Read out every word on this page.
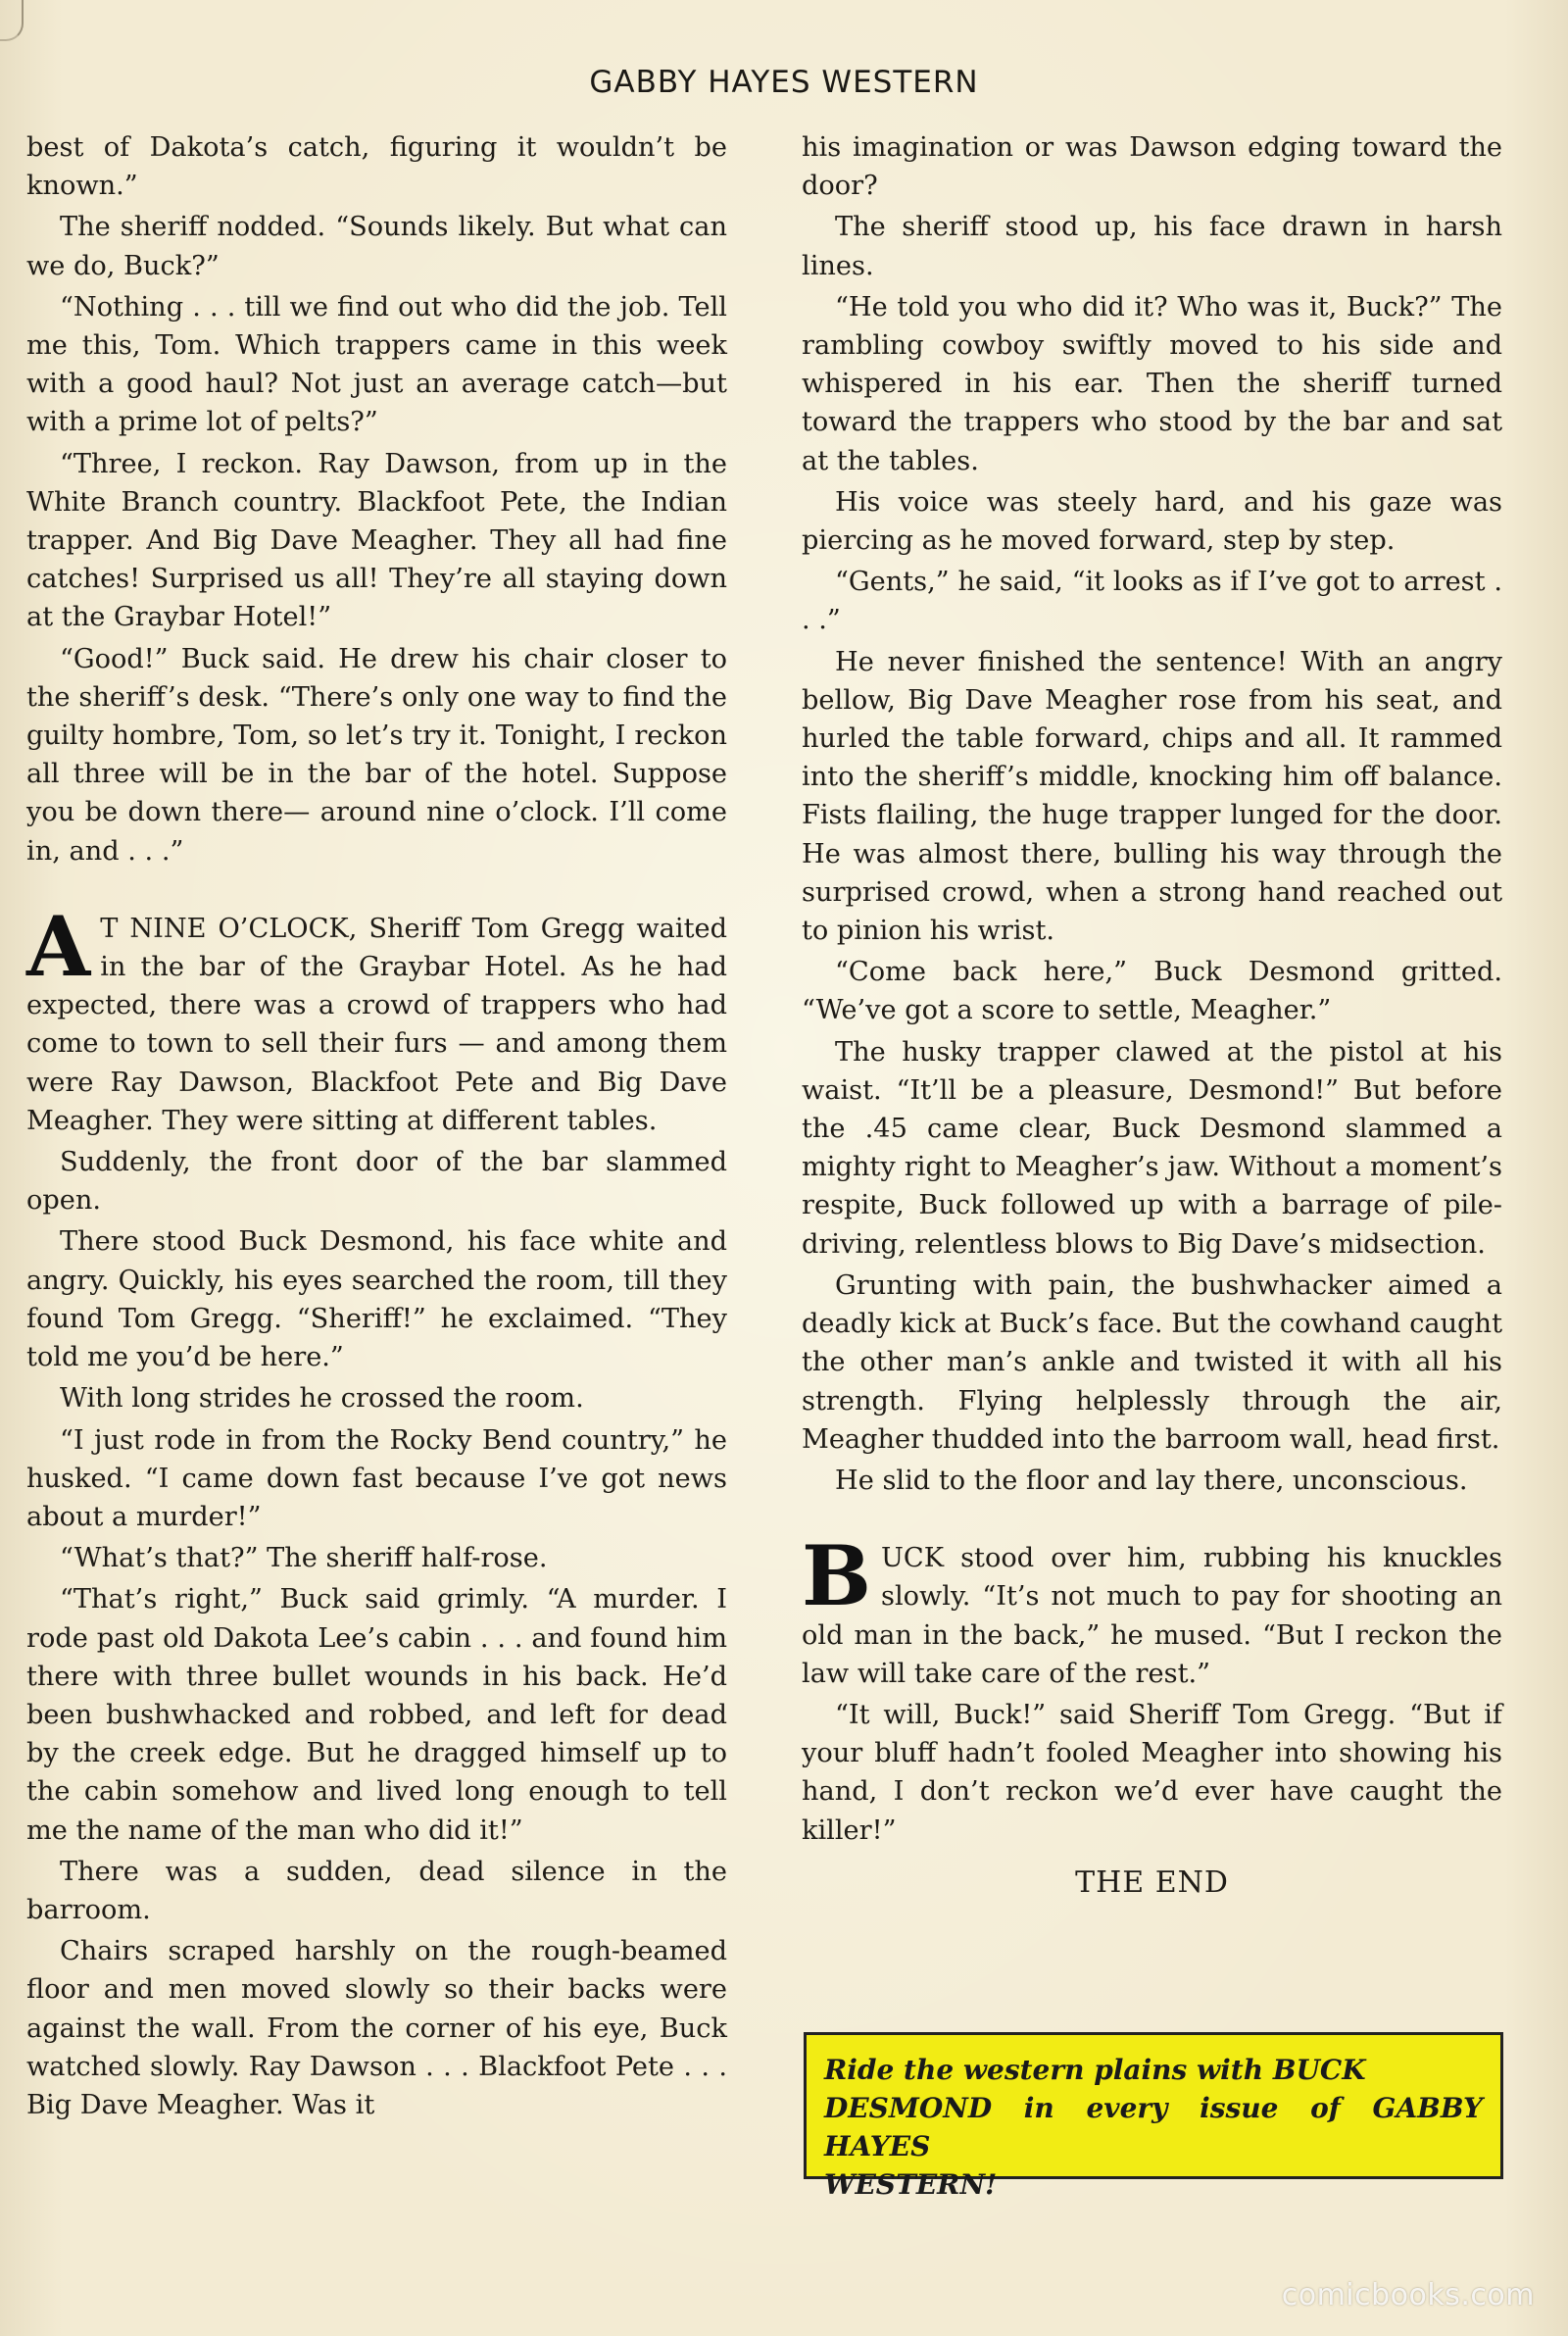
GABBY HAYES WESTERN

best of Dakota’s catch, figuring it wouldn’t be known.”

The sheriff nodded. “Sounds likely. But what can we do, Buck?”

“Nothing . . . till we find out who did the job. Tell me this, Tom. Which trappers came in this week with a good haul? Not just an average catch—but with a prime lot of pelts?”

“Three, I reckon. Ray Dawson, from up in the White Branch country. Blackfoot Pete, the Indian trapper. And Big Dave Meagher. They all had fine catches! Surprised us all! They’re all staying down at the Graybar Hotel!”

“Good!” Buck said. He drew his chair closer to the sheriff’s desk. “There’s only one way to find the guilty hombre, Tom, so let’s try it. Tonight, I reckon all three will be in the bar of the hotel. Suppose you be down there— around nine o’clock. I’ll come in, and . . .”

A T NINE O’CLOCK, Sheriff Tom Gregg waited in the bar of the Graybar Hotel. As he had expected, there was a crowd of trappers who had come to town to sell their furs — and among them were Ray Dawson, Blackfoot Pete and Big Dave Meagher. They were sitting at different tables.

Suddenly, the front door of the bar slammed open.

There stood Buck Desmond, his face white and angry. Quickly, his eyes searched the room, till they found Tom Gregg. “Sheriff!” he exclaimed. “They told me you’d be here.”

With long strides he crossed the room.

“I just rode in from the Rocky Bend country,” he husked. “I came down fast because I’ve got news about a murder!”

“What’s that?” The sheriff half-rose.

“That’s right,” Buck said grimly. “A murder. I rode past old Dakota Lee’s cabin . . . and found him there with three bullet wounds in his back. He’d been bushwhacked and robbed, and left for dead by the creek edge. But he dragged himself up to the cabin somehow and lived long enough to tell me the name of the man who did it!”

There was a sudden, dead silence in the barroom.

Chairs scraped harshly on the rough-beamed floor and men moved slowly so their backs were against the wall. From the corner of his eye, Buck watched slowly. Ray Dawson . . . Blackfoot Pete . . . Big Dave Meagher. Was it

his imagination or was Dawson edging toward the door?

The sheriff stood up, his face drawn in harsh lines.

“He told you who did it? Who was it, Buck?” The rambling cowboy swiftly moved to his side and whispered in his ear. Then the sheriff turned toward the trappers who stood by the bar and sat at the tables.

His voice was steely hard, and his gaze was piercing as he moved forward, step by step.

“Gents,” he said, “it looks as if I’ve got to arrest . . .”

He never finished the sentence! With an angry bellow, Big Dave Meagher rose from his seat, and hurled the table forward, chips and all. It rammed into the sheriff’s middle, knocking him off balance. Fists flailing, the huge trapper lunged for the door. He was almost there, bulling his way through the surprised crowd, when a strong hand reached out to pinion his wrist.

“Come back here,” Buck Desmond gritted. “We’ve got a score to settle, Meagher.”

The husky trapper clawed at the pistol at his waist. “It’ll be a pleasure, Desmond!” But before the .45 came clear, Buck Desmond slammed a mighty right to Meagher’s jaw. Without a moment’s respite, Buck followed up with a barrage of pile-driving, relentless blows to Big Dave’s midsection.

Grunting with pain, the bushwhacker aimed a deadly kick at Buck’s face. But the cowhand caught the other man’s ankle and twisted it with all his strength. Flying helplessly through the air, Meagher thudded into the barroom wall, head first.

He slid to the floor and lay there, unconscious.

BUCK stood over him, rubbing his knuckles slowly. “It’s not much to pay for shooting an old man in the back,” he mused. “But I reckon the law will take care of the rest.”

“It will, Buck!” said Sheriff Tom Gregg. “But if your bluff hadn’t fooled Meagher into showing his hand, I don’t reckon we’d ever have caught the killer!”

THE END
Ride the western plains with BUCK
DESMOND in every issue of GABBY HAYES
WESTERN!
comicbooks.com
